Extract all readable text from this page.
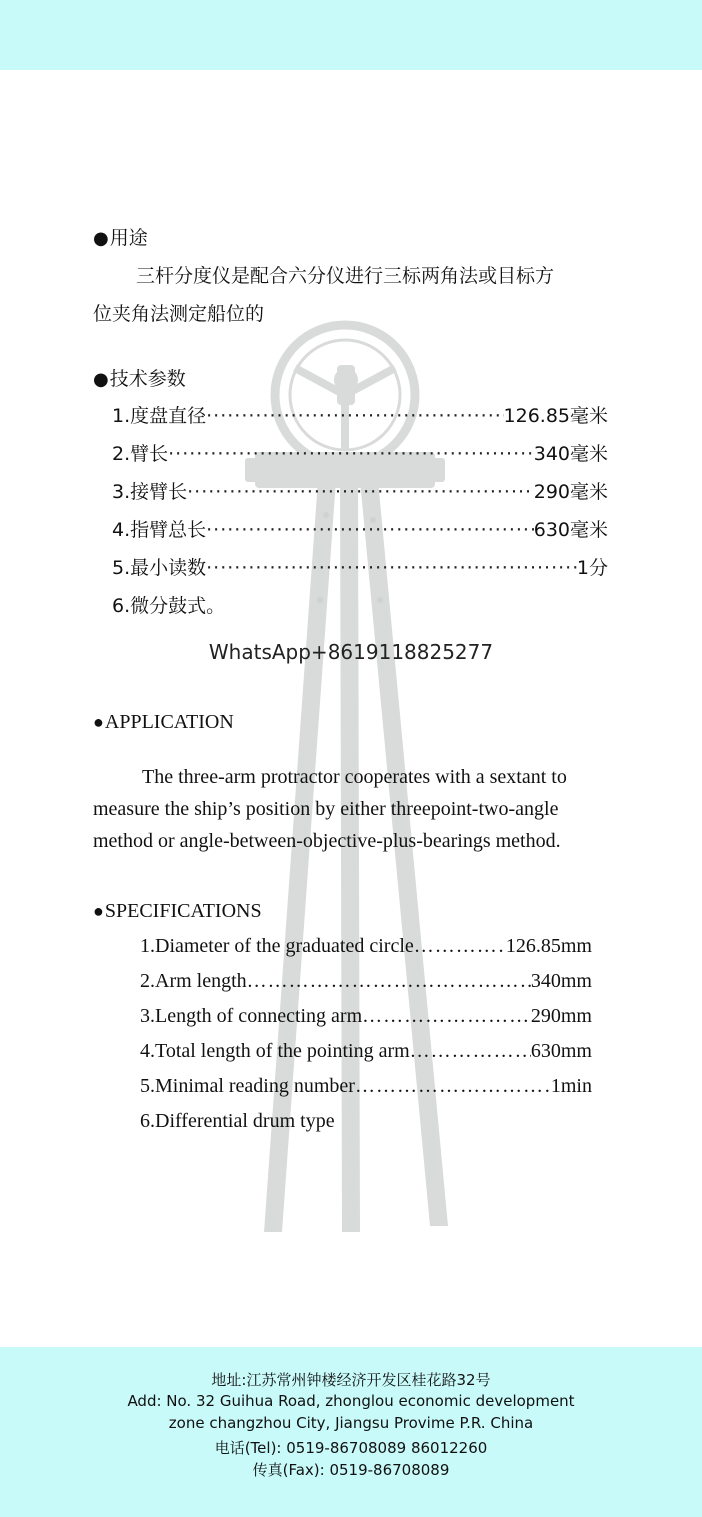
●用途
三杆分度仪是配合六分仪进行三标两角法或目标方
位夹角法测定船位的
●技术参数
1.度盘直径 ·····	126.85毫米
2.臂长 ·····	340毫米
3.接臂长 ·····	290毫米
4.指臂总长 ·····	630毫米
5.最小读数 ·····	1分
6.微分鼓式。
WhatsApp+8619118825277
●APPLICATION
The three-arm protractor cooperates with a sextant to
measure the ship’s position by either threepoint-two-angle
method or angle-between-objective-plus-bearings method.
●SPECIFICATIONS
1.Diameter of the graduated circle ……………………………………………………………………………………	126.85mm
2.Arm length ……………………………………………………………………………………	340mm
3.Length of connecting arm ……………………………………………………………………………………	290mm
4.Total length of the pointing arm ……………………………………………………………………………………	630mm
5.Minimal reading number ……………………………………………………………………………………	1min
6.Differential drum type
地址:江苏常州钟楼经济开发区桂花路32号
Add: No. 32 Guihua Road, zhonglou economic development
zone changzhou City, Jiangsu Provime P.R. China
电话(Tel): 0519-86708089 86012260
传真(Fax): 0519-86708089
